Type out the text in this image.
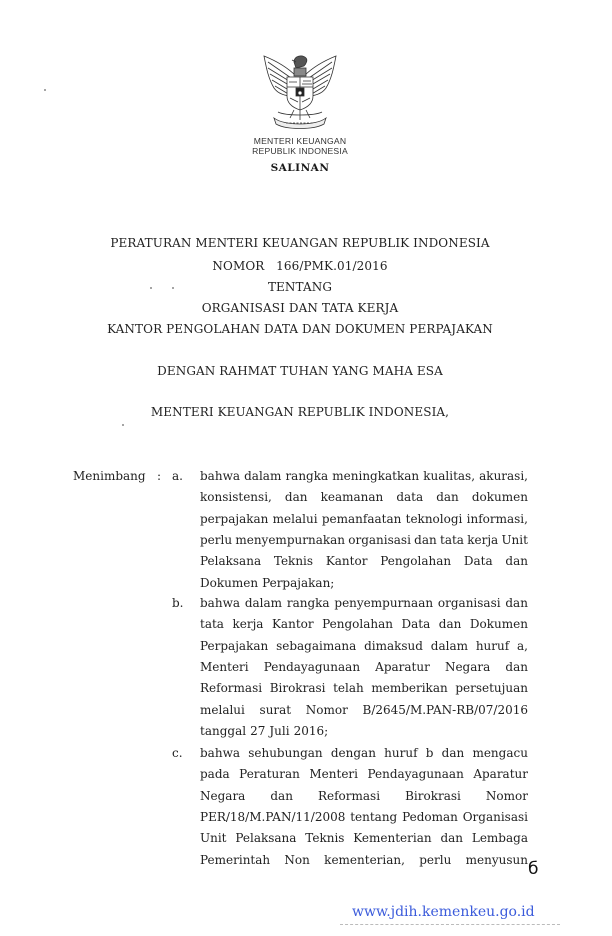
MENTERI KEUANGAN
REPUBLIK INDONESIA
SALINAN
PERATURAN MENTERI KEUANGAN REPUBLIK INDONESIA
NOMOR   166/PMK.01/2016
TENTANG
ORGANISASI DAN TATA KERJA
KANTOR PENGOLAHAN DATA DAN DOKUMEN PERPAJAKAN
DENGAN RAHMAT TUHAN YANG MAHA ESA
MENTERI KEUANGAN REPUBLIK INDONESIA,
Menimbang : a. bahwa dalam rangka meningkatkan kualitas, akurasi,
konsistensi, dan keamanan data dan dokumen
perpajakan melalui pemanfaatan teknologi informasi,
perlu menyempurnakan organisasi dan tata kerja Unit
Pelaksana Teknis Kantor Pengolahan Data dan
Dokumen Perpajakan;
b. bahwa dalam rangka penyempurnaan organisasi dan
tata kerja Kantor Pengolahan Data dan Dokumen
Perpajakan sebagaimana dimaksud dalam huruf a,
Menteri Pendayagunaan Aparatur Negara dan
Reformasi Birokrasi telah memberikan persetujuan
melalui surat Nomor B/2645/M.PAN-RB/07/2016
tanggal 27 Juli 2016;
c. bahwa sehubungan dengan huruf b dan mengacu
pada Peraturan Menteri Pendayagunaan Aparatur
Negara dan Reformasi Birokrasi Nomor
PER/18/M.PAN/11/2008 tentang Pedoman Organisasi
Unit Pelaksana Teknis Kementerian dan Lembaga
Pemerintah Non kementerian, perlu menyusun б
www.jdih.kemenkeu.go.id
